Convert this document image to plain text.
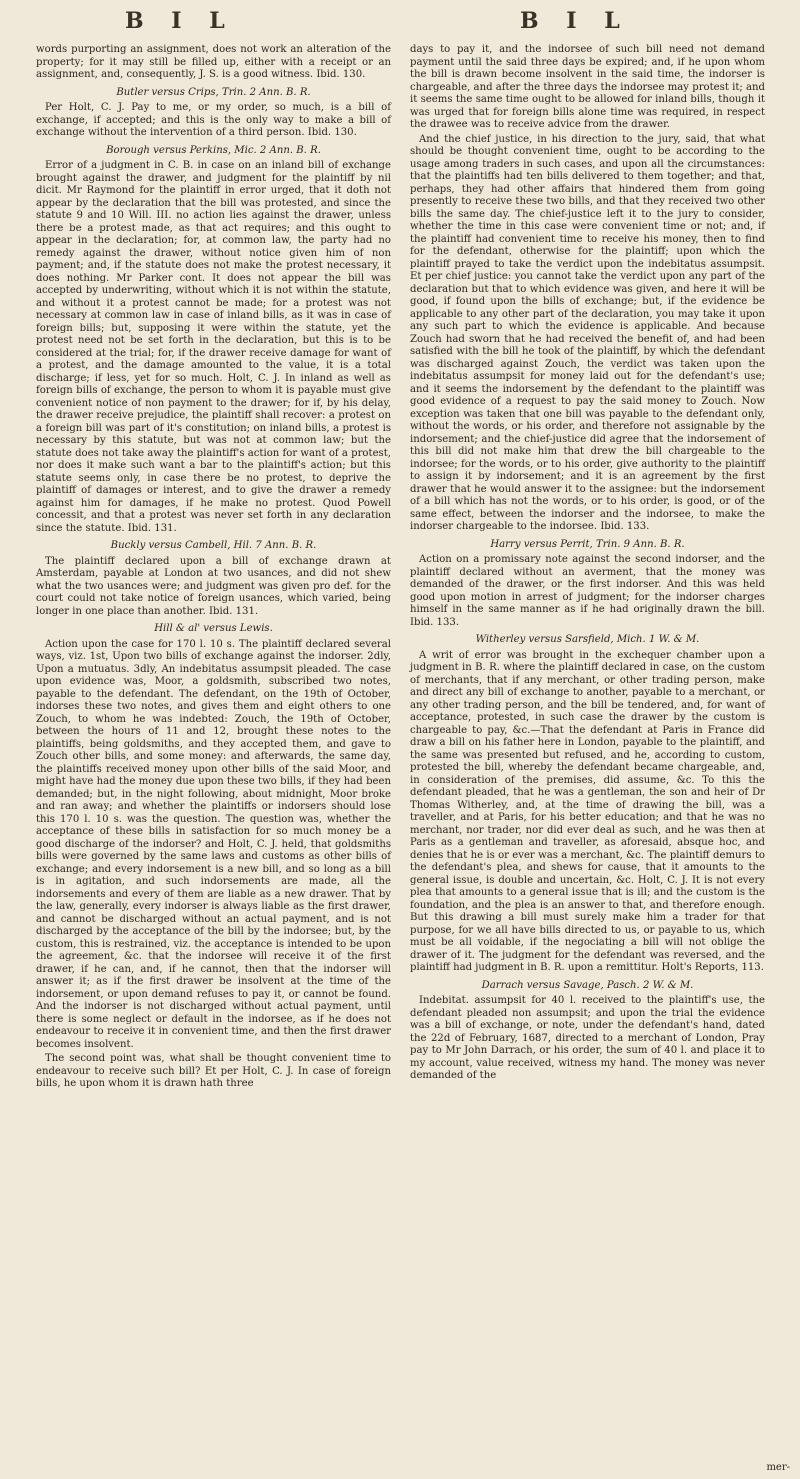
B I L	B I L

words purporting an assignment, does not work an alteration of the property; for it may still be filled up, either with a receipt or an assignment, and, consequently, J. S. is a good witness. Ibid. 130.

Butler versus Crips, Trin. 2 Ann. B. R.

Per Holt, C. J. Pay to me, or my order, so much, is a bill of exchange, if accepted; and this is the only way to make a bill of exchange without the intervention of a third person. Ibid. 130.

Borough versus Perkins, Mic. 2 Ann. B. R.

Error of a judgment in C. B. in case on an inland bill of exchange brought against the drawer, and judgment for the plaintiff by nil dicit. Mr Raymond for the plaintiff in error urged, that it doth not appear by the declaration that the bill was protested, and since the statute 9 and 10 Will. III. no action lies against the drawer, unless there be a protest made, as that act requires; and this ought to appear in the declaration; for, at common law, the party had no remedy against the drawer, without notice given him of non payment; and, if the statute does not make the protest necessary, it does nothing. Mr Parker cont. It does not appear the bill was accepted by underwriting, without which it is not within the statute, and without it a protest cannot be made; for a protest was not necessary at common law in case of inland bills, as it was in case of foreign bills; but, supposing it were within the statute, yet the protest need not be set forth in the declaration, but this is to be considered at the trial; for, if the drawer receive damage for want of a protest, and the damage amounted to the value, it is a total discharge; if less, yet for so much. Holt, C. J. In inland as well as foreign bills of exchange, the person to whom it is payable must give convenient notice of non payment to the drawer; for if, by his delay, the drawer receive prejudice, the plaintiff shall recover: a protest on a foreign bill was part of it's constitution; on inland bills, a protest is necessary by this statute, but was not at common law; but the statute does not take away the plaintiff's action for want of a protest, nor does it make such want a bar to the plaintiff's action; but this statute seems only, in case there be no protest, to deprive the plaintiff of damages or interest, and to give the drawer a remedy against him for damages, if he make no protest. Quod Powell concessit, and that a protest was never set forth in any declaration since the statute. Ibid. 131.

Buckly versus Cambell, Hil. 7 Ann. B. R.

The plaintiff declared upon a bill of exchange drawn at Amsterdam, payable at London at two usances, and did not shew what the two usances were; and judgment was given pro def. for the court could not take notice of foreign usances, which varied, being longer in one place than another. Ibid. 131.

Hill & al' versus Lewis.

Action upon the case for 170 l. 10 s. The plaintiff declared several ways, viz. 1st, Upon two bills of exchange against the indorser. 2dly, Upon a mutuatus. 3dly, An indebitatus assumpsit pleaded. The case upon evidence was, Moor, a goldsmith, subscribed two notes, payable to the defendant. The defendant, on the 19th of October, indorses these two notes, and gives them and eight others to one Zouch, to whom he was indebted: Zouch, the 19th of October, between the hours of 11 and 12, brought these notes to the plaintiffs, being goldsmiths, and they accepted them, and gave to Zouch other bills, and some money: and afterwards, the same day, the plaintiffs received money upon other bills of the said Moor, and might have had the money due upon these two bills, if they had been demanded; but, in the night following, about midnight, Moor broke and ran away; and whether the plaintiffs or indorsers should lose this 170 l. 10 s. was the question. The question was, whether the acceptance of these bills in satisfaction for so much money be a good discharge of the indorser? and Holt, C. J. held, that goldsmiths bills were governed by the same laws and customs as other bills of exchange; and every indorsement is a new bill, and so long as a bill is in agitation, and such indorsements are made, all the indorsements and every of them are liable as a new drawer. That by the law, generally, every indorser is always liable as the first drawer, and cannot be discharged without an actual payment, and is not discharged by the acceptance of the bill by the indorsee; but, by the custom, this is restrained, viz. the acceptance is intended to be upon the agreement, &c. that the indorsee will receive it of the first drawer, if he can, and, if he cannot, then that the indorser will answer it; as if the first drawer be insolvent at the time of the indorsement, or upon demand refuses to pay it, or cannot be found. And the indorser is not discharged without actual payment, until there is some neglect or default in the indorsee, as if he does not endeavour to receive it in convenient time, and then the first drawer becomes insolvent.

The second point was, what shall be thought convenient time to endeavour to receive such bill? Et per Holt, C. J. In case of foreign bills, he upon whom it is drawn hath three

days to pay it, and the indorsee of such bill need not demand payment until the said three days be expired; and, if he upon whom the bill is drawn become insolvent in the said time, the indorser is chargeable, and after the three days the indorsee may protest it; and it seems the same time ought to be allowed for inland bills, though it was urged that for foreign bills alone time was required, in respect the drawee was to receive advice from the drawer.

And the chief justice, in his direction to the jury, said, that what should be thought convenient time, ought to be according to the usage among traders in such cases, and upon all the circumstances: that the plaintiffs had ten bills delivered to them together; and that, perhaps, they had other affairs that hindered them from going presently to receive these two bills, and that they received two other bills the same day. The chief-justice left it to the jury to consider, whether the time in this case were convenient time or not; and, if the plaintiff had convenient time to receive his money, then to find for the defendant, otherwise for the plaintiff; upon which the plaintiff prayed to take the verdict upon the indebitatus assumpsit. Et per chief justice: you cannot take the verdict upon any part of the declaration but that to which evidence was given, and here it will be good, if found upon the bills of exchange; but, if the evidence be applicable to any other part of the declaration, you may take it upon any such part to which the evidence is applicable. And because Zouch had sworn that he had received the benefit of, and had been satisfied with the bill he took of the plaintiff, by which the defendant was discharged against Zouch, the verdict was taken upon the indebitatus assumpsit for money laid out for the defendant's use; and it seems the indorsement by the defendant to the plaintiff was good evidence of a request to pay the said money to Zouch. Now exception was taken that one bill was payable to the defendant only, without the words, or his order, and therefore not assignable by the indorsement; and the chief-justice did agree that the indorsement of this bill did not make him that drew the bill chargeable to the indorsee; for the words, or to his order, give authority to the plaintiff to assign it by indorsement; and it is an agreement by the first drawer that he would answer it to the assignee: but the indorsement of a bill which has not the words, or to his order, is good, or of the same effect, between the indorser and the indorsee, to make the indorser chargeable to the indorsee. Ibid. 133.

Harry versus Perrit, Trin. 9 Ann. B. R.

Action on a promissary note against the second indorser, and the plaintiff declared without an averment, that the money was demanded of the drawer, or the first indorser. And this was held good upon motion in arrest of judgment; for the indorser charges himself in the same manner as if he had originally drawn the bill. Ibid. 133.

Witherley versus Sarsfield, Mich. 1 W. & M.

A writ of error was brought in the exchequer chamber upon a judgment in B. R. where the plaintiff declared in case, on the custom of merchants, that if any merchant, or other trading person, make and direct any bill of exchange to another, payable to a merchant, or any other trading person, and the bill be tendered, and, for want of acceptance, protested, in such case the drawer by the custom is chargeable to pay, &c.—That the defendant at Paris in France did draw a bill on his father here in London, payable to the plaintiff, and the same was presented but refused, and he, according to custom, protested the bill, whereby the defendant became chargeable, and, in consideration of the premises, did assume, &c. To this the defendant pleaded, that he was a gentleman, the son and heir of Dr Thomas Witherley, and, at the time of drawing the bill, was a traveller, and at Paris, for his better education; and that he was no merchant, nor trader, nor did ever deal as such, and he was then at Paris as a gentleman and traveller, as aforesaid, absque hoc, and denies that he is or ever was a merchant, &c. The plaintiff demurs to the defendant's plea, and shews for cause, that it amounts to the general issue, is double and uncertain, &c. Holt, C. J. It is not every plea that amounts to a general issue that is ill; and the custom is the foundation, and the plea is an answer to that, and therefore enough. But this drawing a bill must surely make him a trader for that purpose, for we all have bills directed to us, or payable to us, which must be all voidable, if the negociating a bill will not oblige the drawer of it. The judgment for the defendant was reversed, and the plaintiff had judgment in B. R. upon a remittitur. Holt's Reports, 113.

Darrach versus Savage, Pasch. 2 W. & M.

Indebitat. assumpsit for 40 l. received to the plaintiff's use, the defendant pleaded non assumpsit; and upon the trial the evidence was a bill of exchange, or note, under the defendant's hand, dated the 22d of February, 1687, directed to a merchant of London, Pray pay to Mr John Darrach, or his order, the sum of 40 l. and place it to my account, value received, witness my hand. The money was never demanded of the

mer-
